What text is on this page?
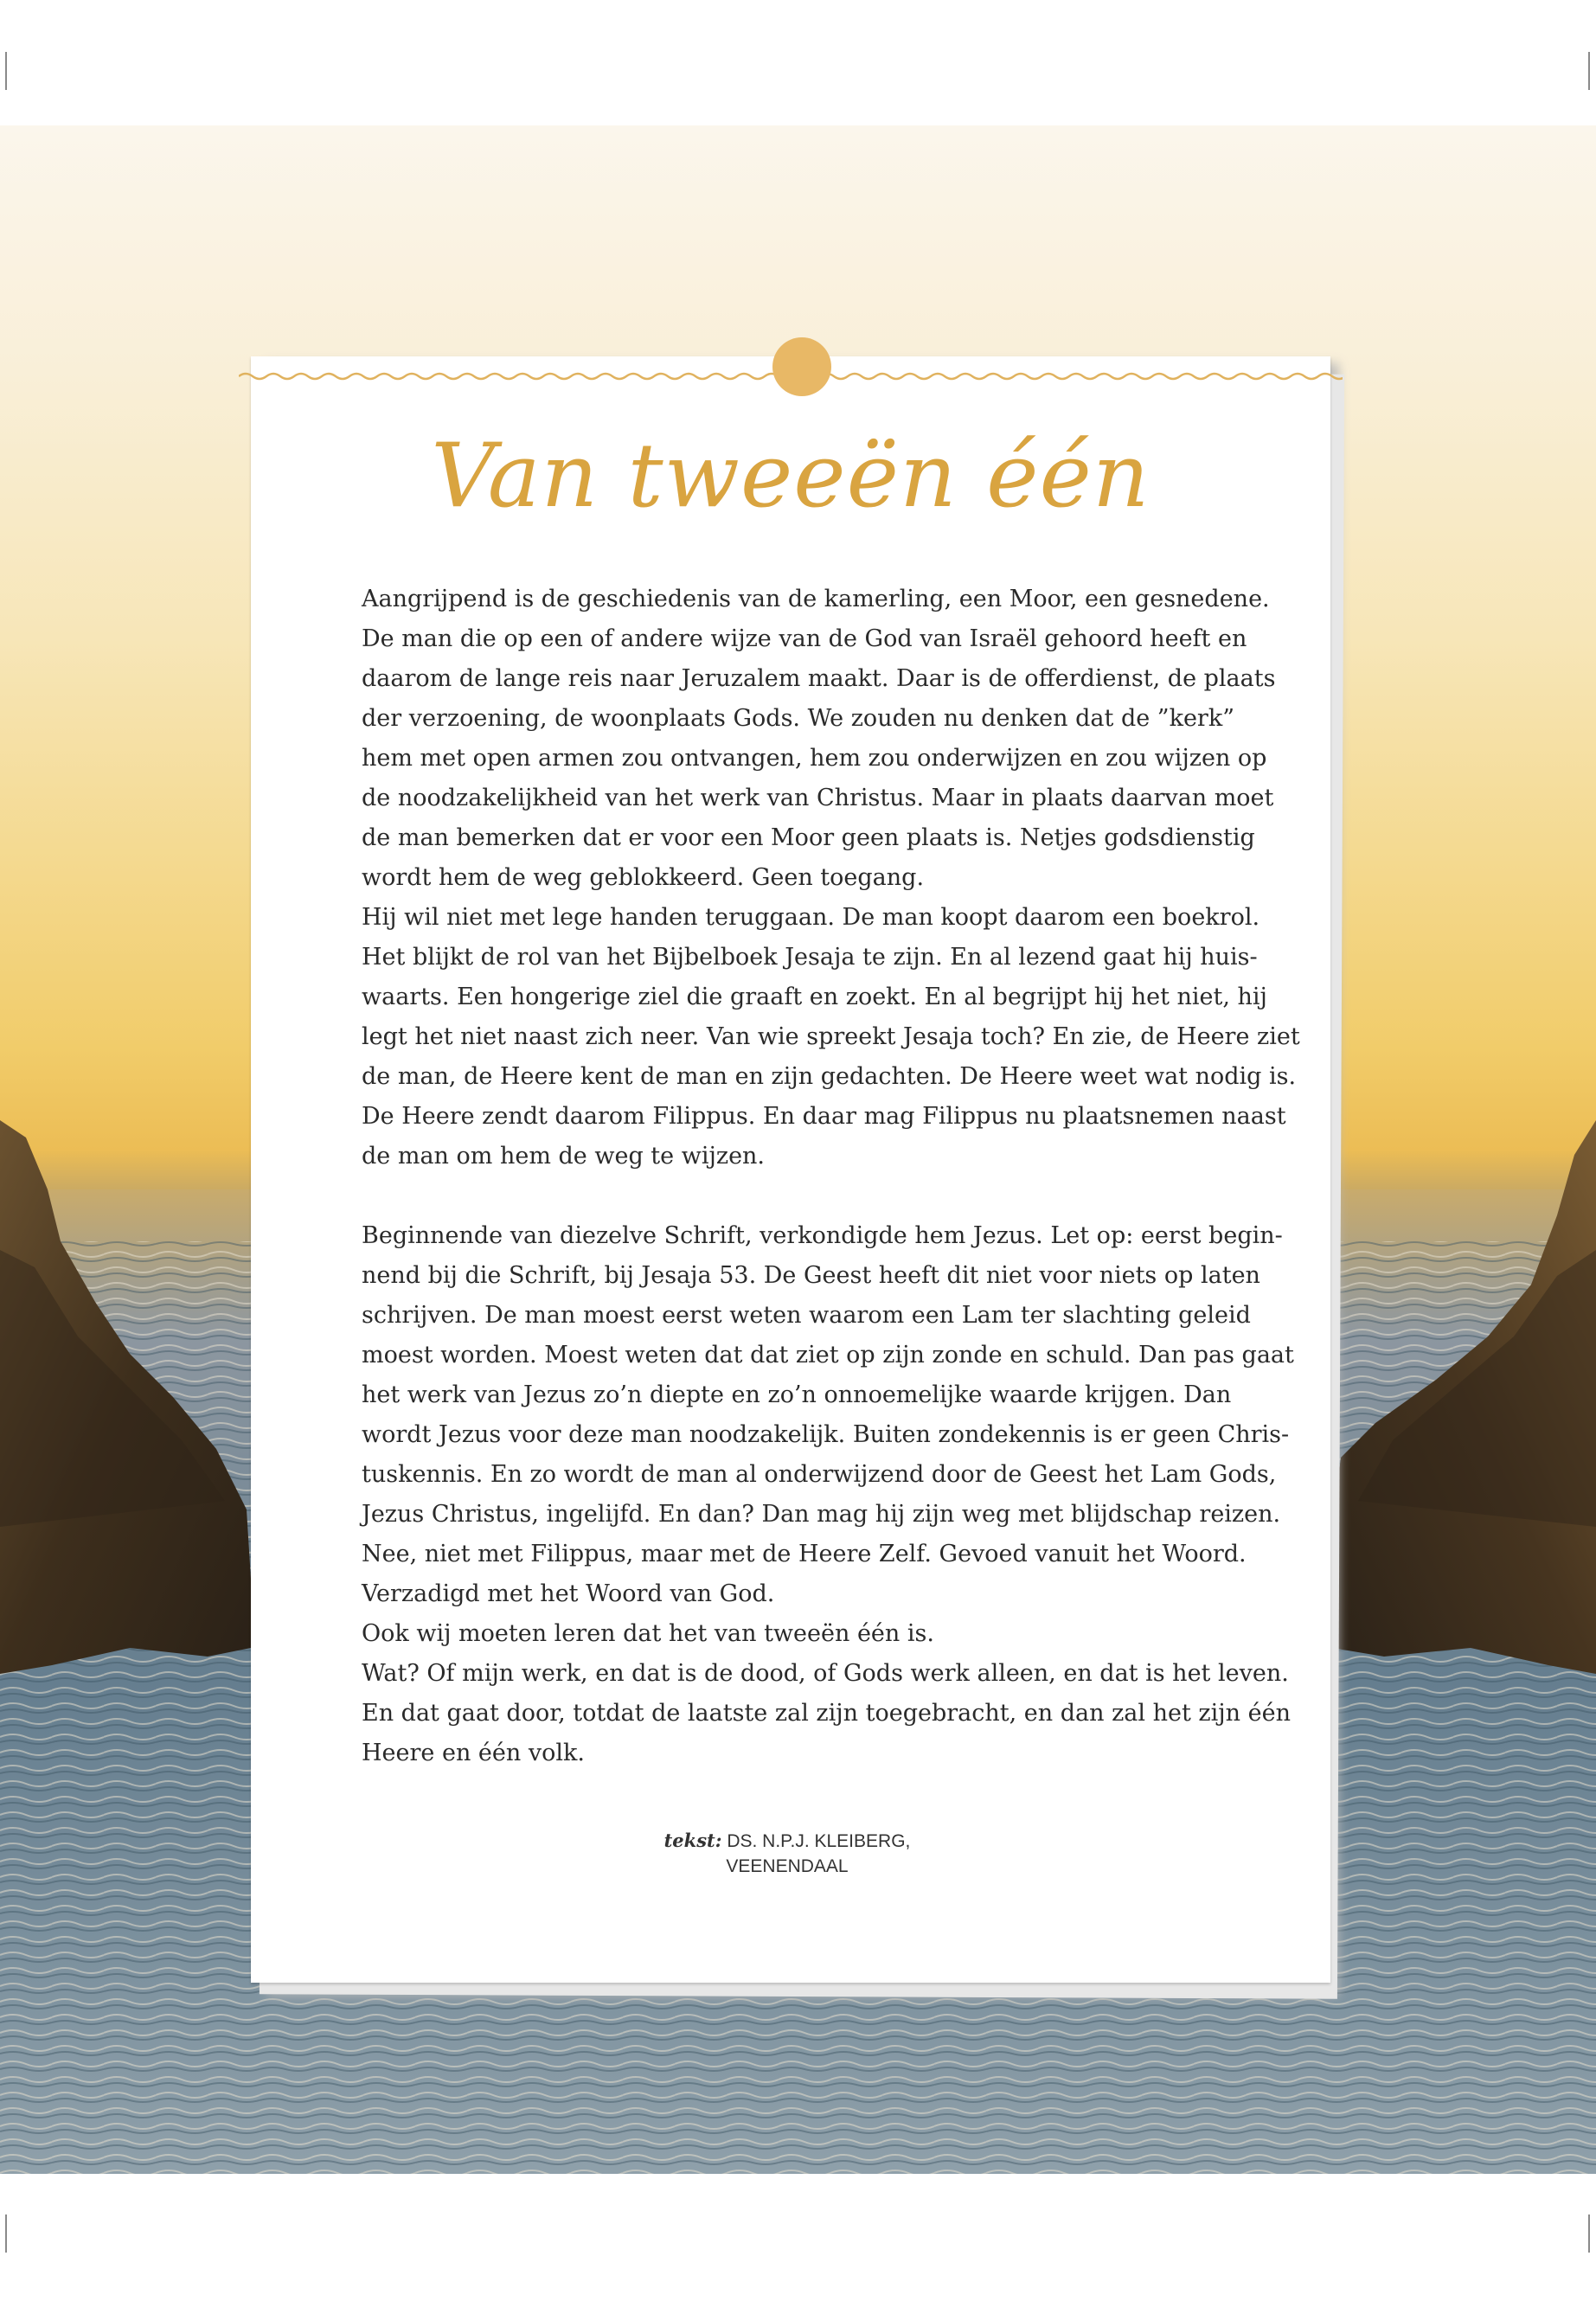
Van tweeën één
Aangrijpend is de geschiedenis van de kamerling, een Moor, een gesnedene.
De man die op een of andere wijze van de God van Israël gehoord heeft en
daarom de lange reis naar Jeruzalem maakt. Daar is de offerdienst, de plaats
der verzoening, de woonplaats Gods. We zouden nu denken dat de ”kerk”
hem met open armen zou ontvangen, hem zou onderwijzen en zou wijzen op
de noodzakelijkheid van het werk van Christus. Maar in plaats daarvan moet
de man bemerken dat er voor een Moor geen plaats is. Netjes godsdienstig
wordt hem de weg geblokkeerd. Geen toegang.
Hij wil niet met lege handen teruggaan. De man koopt daarom een boekrol.
Het blijkt de rol van het Bijbelboek Jesaja te zijn. En al lezend gaat hij huis-
waarts. Een hongerige ziel die graaft en zoekt. En al begrijpt hij het niet, hij
legt het niet naast zich neer. Van wie spreekt Jesaja toch? En zie, de Heere ziet
de man, de Heere kent de man en zijn gedachten. De Heere weet wat nodig is.
De Heere zendt daarom Filippus. En daar mag Filippus nu plaatsnemen naast
de man om hem de weg te wijzen.
Beginnende van diezelve Schrift, verkondigde hem Jezus. Let op: eerst begin-
nend bij die Schrift, bij Jesaja 53. De Geest heeft dit niet voor niets op laten
schrijven. De man moest eerst weten waarom een Lam ter slachting geleid
moest worden. Moest weten dat dat ziet op zijn zonde en schuld. Dan pas gaat
het werk van Jezus zo’n diepte en zo’n onnoemelijke waarde krijgen. Dan
wordt Jezus voor deze man noodzakelijk. Buiten zondekennis is er geen Chris-
tuskennis. En zo wordt de man al onderwijzend door de Geest het Lam Gods,
Jezus Christus, ingelijfd. En dan? Dan mag hij zijn weg met blijdschap reizen.
Nee, niet met Filippus, maar met de Heere Zelf. Gevoed vanuit het Woord.
Verzadigd met het Woord van God.
Ook wij moeten leren dat het van tweeën één is.
Wat? Of mijn werk, en dat is de dood, of Gods werk alleen, en dat is het leven.
En dat gaat door, totdat de laatste zal zijn toegebracht, en dan zal het zijn één
Heere en één volk.
tekst: DS. N.P.J. KLEIBERG,
VEENENDAAL
